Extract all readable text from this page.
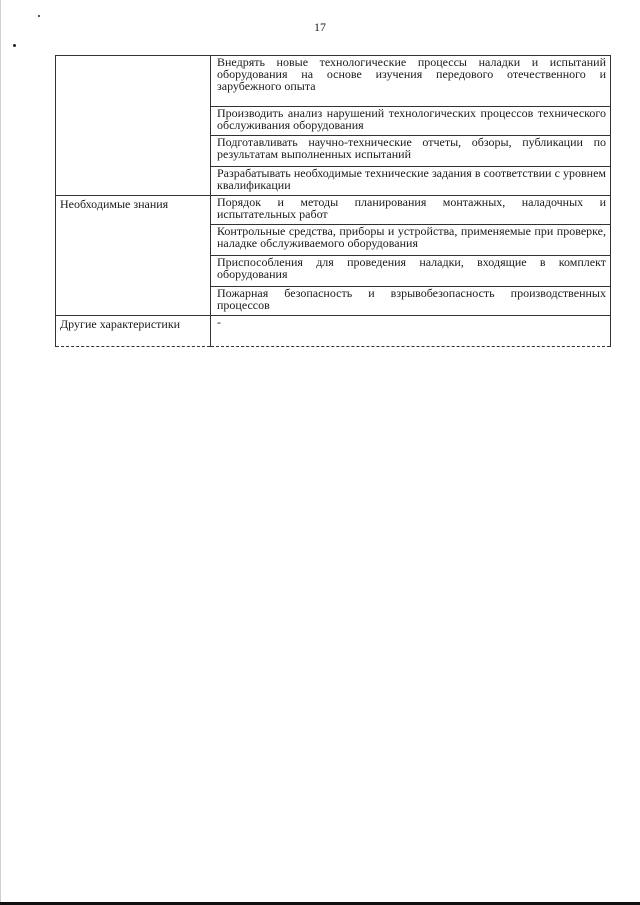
17

	Внедрять новые технологические процессы наладки и испытаний оборудования на основе изучения передового отечественного и зарубежного опыта

	Производить анализ нарушений технологических процессов технического обслуживания оборудования

	Подготавливать научно-технические отчеты, обзоры, публикации по результатам выполненных испытаний

	Разрабатывать необходимые технические задания в соответствии с уровнем квалификации

Необходимые знания	Порядок и методы планирования монтажных, наладочных и испытательных работ

	Контрольные средства, приборы и устройства, применяемые при проверке, наладке обслуживаемого оборудования

	Приспособления для проведения наладки, входящие в комплект оборудования

	Пожарная безопасность и взрывобезопасность производственных процессов

Другие характеристики	-
